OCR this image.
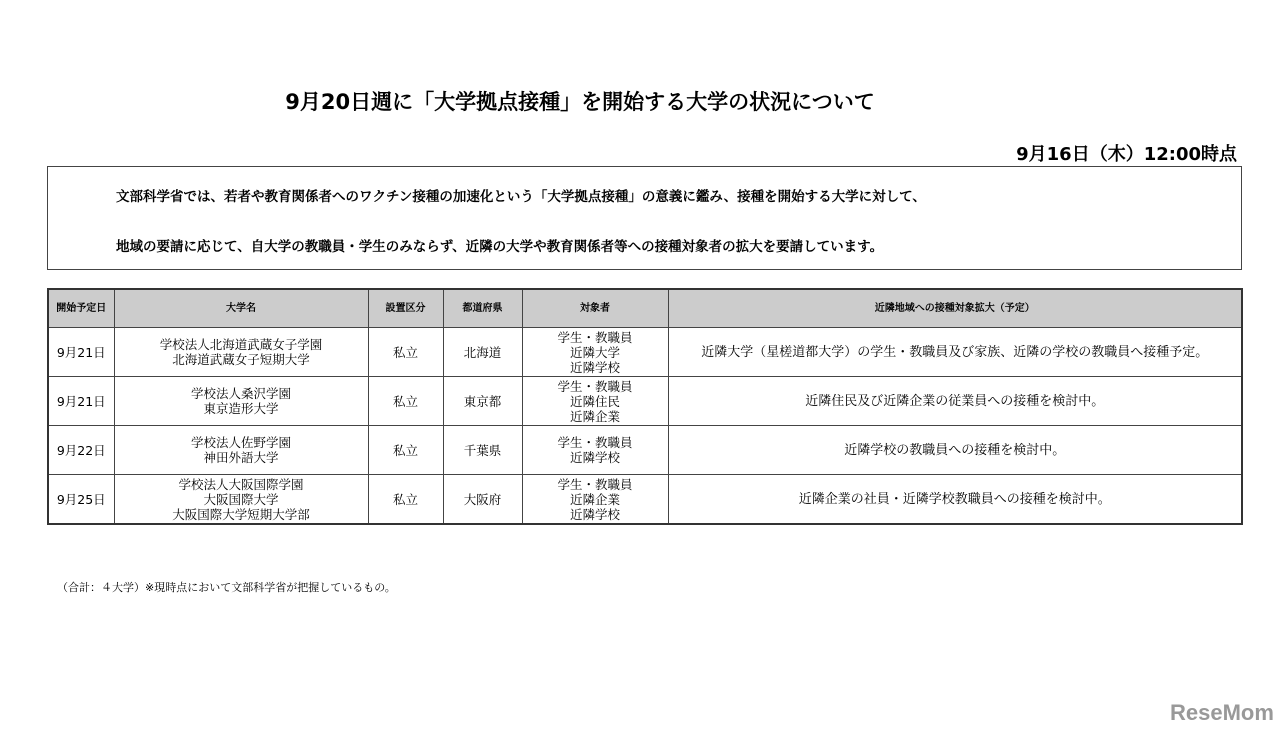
9月20日週に「大学拠点接種」を開始する大学の状況について
9月16日（木）12:00時点

文部科学省では、若者や教育関係者へのワクチン接種の加速化という「大学拠点接種」の意義に鑑み、接種を開始する大学に対して、

地域の要請に応じて、自大学の教職員・学生のみならず、近隣の大学や教育関係者等への接種対象者の拡大を要請しています。

開始予定日	大学名	設置区分	都道府県	対象者	近隣地域への接種対象拡大（予定）
9月21日	学校法人北海道武蔵女子学園
北海道武蔵女子短期大学	私立	北海道	
学生・教職員
近隣大学
近隣学校
	近隣大学（星槎道都大学）の学生・教職員及び家族、近隣の学校の教職員へ接種予定。
9月21日	学校法人桑沢学園
東京造形大学	私立	東京都	
学生・教職員
近隣住民
近隣企業
	近隣住民及び近隣企業の従業員への接種を検討中。
9月22日	学校法人佐野学園
神田外語大学	私立	千葉県	学生・教職員
近隣学校	近隣学校の教職員への接種を検討中。
9月25日	
学校法人大阪国際学園
大阪国際大学
大阪国際大学短期大学部
	私立	大阪府	
学生・教職員
近隣企業
近隣学校
	近隣企業の社員・近隣学校教職員への接種を検討中。
（合計：４大学）※現時点において文部科学省が把握しているもの。
ReseMom
